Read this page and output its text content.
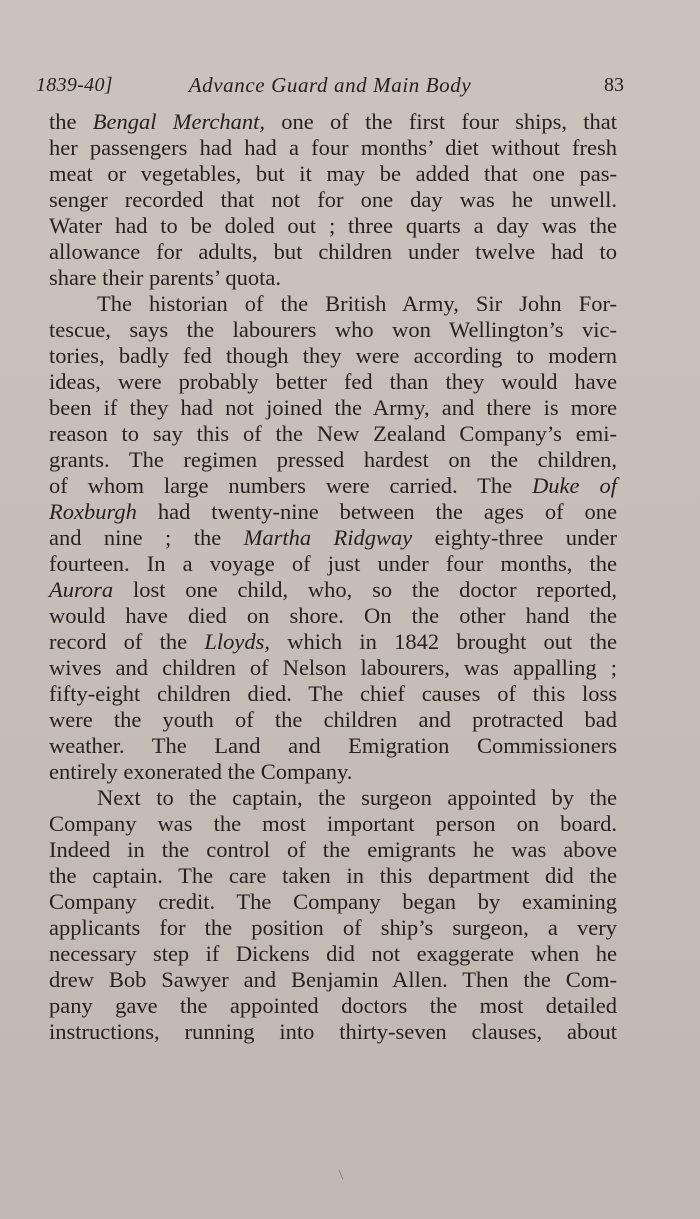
1839-40]	Advance Guard and Main Body	83
the Bengal Merchant, one of the first four ships, that
her passengers had had a four months’ diet without fresh
meat or vegetables, but it may be added that one pas-
senger recorded that not for one day was he unwell.
Water had to be doled out ; three quarts a day was the
allowance for adults, but children under twelve had to
share their parents’ quota.
The historian of the British Army, Sir John For-
tescue, says the labourers who won Wellington’s vic-
tories, badly fed though they were according to modern
ideas, were probably better fed than they would have
been if they had not joined the Army, and there is more
reason to say this of the New Zealand Company’s emi-
grants. The regimen pressed hardest on the children,
of whom large numbers were carried. The Duke of
Roxburgh had twenty-nine between the ages of one
and nine ; the Martha Ridgway eighty-three under
fourteen. In a voyage of just under four months, the
Aurora lost one child, who, so the doctor reported,
would have died on shore. On the other hand the
record of the Lloyds, which in 1842 brought out the
wives and children of Nelson labourers, was appalling ;
fifty-eight children died. The chief causes of this loss
were the youth of the children and protracted bad
weather. The Land and Emigration Commissioners
entirely exonerated the Company.
Next to the captain, the surgeon appointed by the
Company was the most important person on board.
Indeed in the control of the emigrants he was above
the captain. The care taken in this department did the
Company credit. The Company began by examining
applicants for the position of ship’s surgeon, a very
necessary step if Dickens did not exaggerate when he
drew Bob Sawyer and Benjamin Allen. Then the Com-
pany gave the appointed doctors the most detailed
instructions, running into thirty-seven clauses, about
/
